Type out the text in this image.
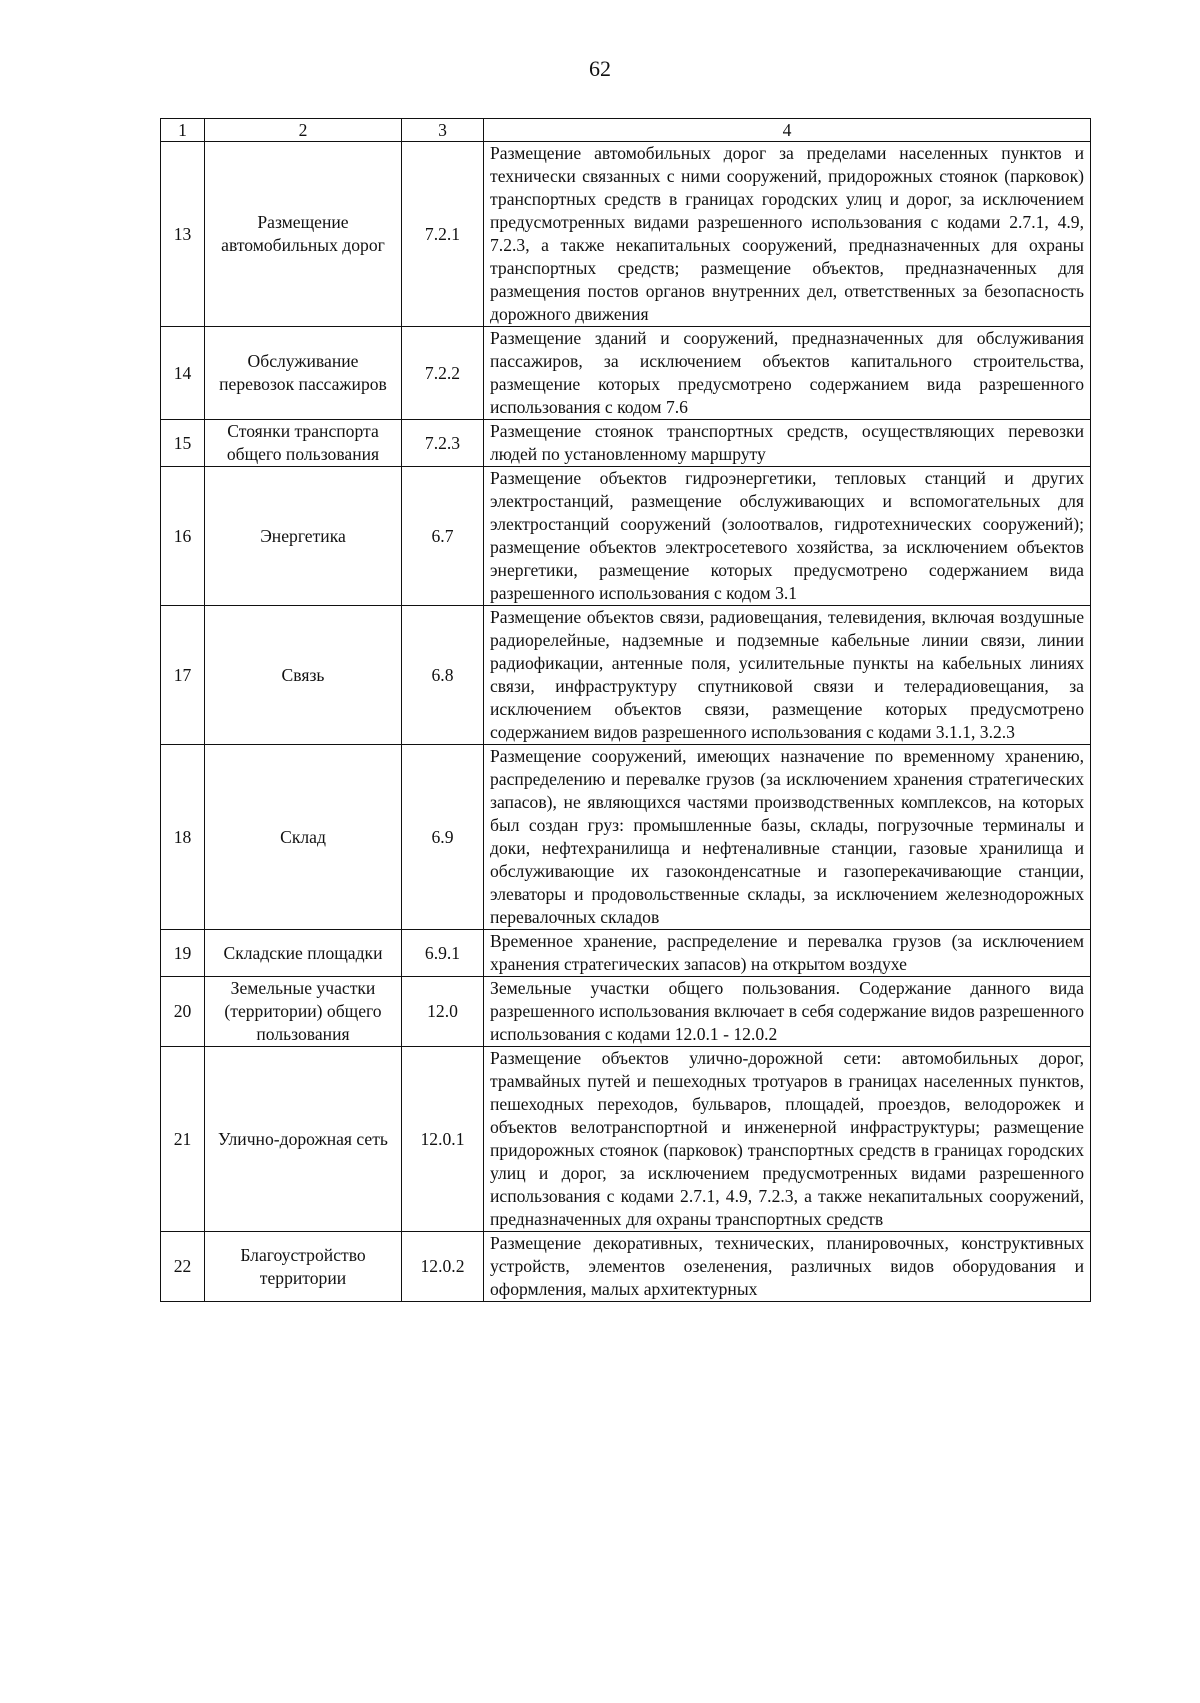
62
1	2	3	4
13	Размещение автомобильных дорог	7.2.1	Размещение автомобильных дорог за пределами населенных пунктов и технически связанных с ними сооружений, придорожных стоянок (парковок) транспортных средств в границах городских улиц и дорог, за исключением предусмотренных видами разрешенного использования с кодами 2.7.1, 4.9, 7.2.3, а также некапитальных сооружений, предназначенных для охраны транспортных средств; размещение объектов, предназначенных для размещения постов органов внутренних дел, ответственных за безопасность дорожного движения
14	Обслуживание перевозок пассажиров	7.2.2	Размещение зданий и сооружений, предназначенных для обслуживания пассажиров, за исключением объектов капитального строительства, размещение которых предусмотрено содержанием вида разрешенного использования с кодом 7.6
15	Стоянки транспорта общего пользования	7.2.3	Размещение стоянок транспортных средств, осуществляющих перевозки людей по установленному маршруту
16	Энергетика	6.7	Размещение объектов гидроэнергетики, тепловых станций и других электростанций, размещение обслуживающих и вспомогательных для электростанций сооружений (золоотвалов, гидротехнических сооружений); размещение объектов электросетевого хозяйства, за исключением объектов энергетики, размещение которых предусмотрено содержанием вида разрешенного использования с кодом 3.1
17	Связь	6.8	Размещение объектов связи, радиовещания, телевидения, включая воздушные радиорелейные, надземные и подземные кабельные линии связи, линии радиофикации, антенные поля, усилительные пункты на кабельных линиях связи, инфраструктуру спутниковой связи и телерадиовещания, за исключением объектов связи, размещение которых предусмотрено содержанием видов разрешенного использования с кодами 3.1.1, 3.2.3
18	Склад	6.9	Размещение сооружений, имеющих назначение по временному хранению, распределению и перевалке грузов (за исключением хранения стратегических запасов), не являющихся частями производственных комплексов, на которых был создан груз: промышленные базы, склады, погрузочные терминалы и доки, нефтехранилища и нефтеналивные станции, газовые хранилища и обслуживающие их газоконденсатные и газоперекачивающие станции, элеваторы и продовольственные склады, за исключением железнодорожных перевалочных складов
19	Складские площадки	6.9.1	Временное хранение, распределение и перевалка грузов (за исключением хранения стратегических запасов) на открытом воздухе
20	Земельные участки (территории) общего пользования	12.0	Земельные участки общего пользования. Содержание данного вида разрешенного использования включает в себя содержание видов разрешенного использования с кодами 12.0.1 - 12.0.2
21	Улично-дорожная сеть	12.0.1	Размещение объектов улично-дорожной сети: автомобильных дорог, трамвайных путей и пешеходных тротуаров в границах населенных пунктов, пешеходных переходов, бульваров, площадей, проездов, велодорожек и объектов велотранспортной и инженерной инфраструктуры; размещение придорожных стоянок (парковок) транспортных средств в границах городских улиц и дорог, за исключением предусмотренных видами разрешенного использования с кодами 2.7.1, 4.9, 7.2.3, а также некапитальных сооружений, предназначенных для охраны транспортных средств
22	Благоустройство территории	12.0.2	Размещение декоративных, технических, планировочных, конструктивных устройств, элементов озеленения, различных видов оборудования и оформления, малых архитектурных
